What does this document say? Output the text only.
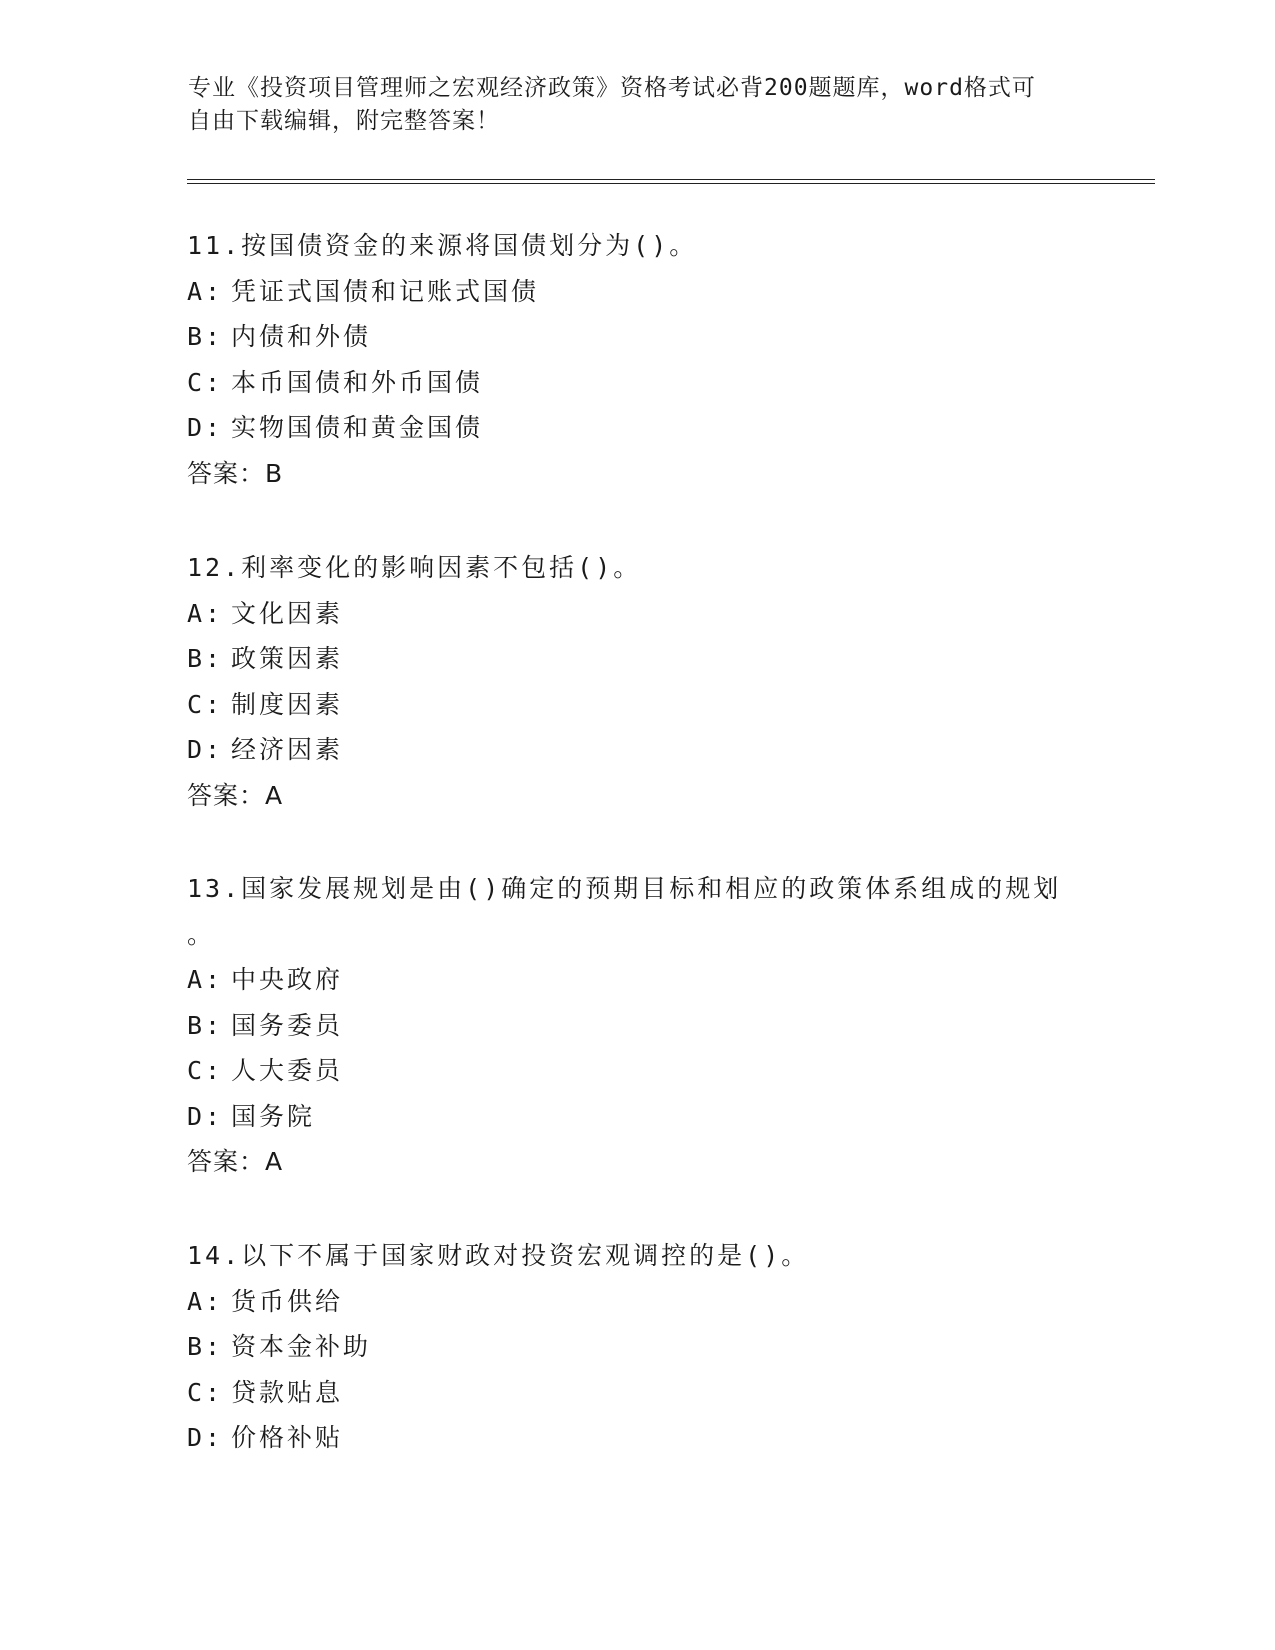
专业《投资项目管理师之宏观经济政策》资格考试必背200题题库，word格式可
自由下载编辑，附完整答案！
11.按国债资金的来源将国债划分为()。
A: 凭证式国债和记账式国债
B: 内债和外债
C: 本币国债和外币国债
D: 实物国债和黄金国债
答案：B
12.利率变化的影响因素不包括()。
A: 文化因素
B: 政策因素
C: 制度因素
D: 经济因素
答案：A
13.国家发展规划是由()确定的预期目标和相应的政策体系组成的规划
。
A: 中央政府
B: 国务委员
C: 人大委员
D: 国务院
答案：A
14.以下不属于国家财政对投资宏观调控的是()。
A: 货币供给
B: 资本金补助
C: 贷款贴息
D: 价格补贴
